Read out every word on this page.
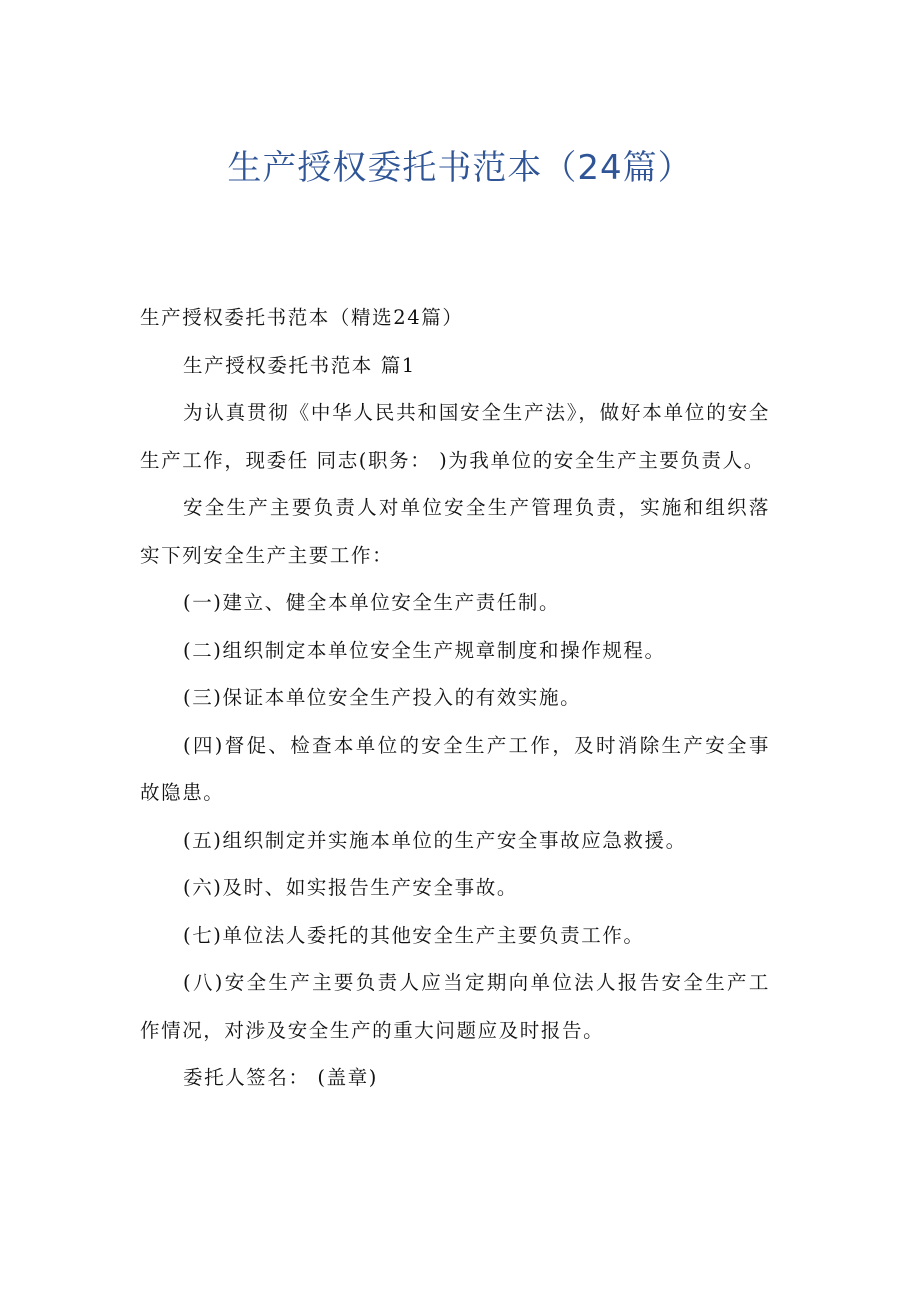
生产授权委托书范本（24篇）

生产授权委托书范本（精选24篇）

生产授权委托书范本 篇1

为认真贯彻《中华人民共和国安全生产法》，做好本单位的安全生产工作，现委任 同志(职务： )为我单位的安全生产主要负责人。

安全生产主要负责人对单位安全生产管理负责，实施和组织落实下列安全生产主要工作：

(一)建立、健全本单位安全生产责任制。

(二)组织制定本单位安全生产规章制度和操作规程。

(三)保证本单位安全生产投入的有效实施。

(四)督促、检查本单位的安全生产工作，及时消除生产安全事故隐患。

(五)组织制定并实施本单位的生产安全事故应急救援。

(六)及时、如实报告生产安全事故。

(七)单位法人委托的其他安全生产主要负责工作。

(八)安全生产主要负责人应当定期向单位法人报告安全生产工作情况，对涉及安全生产的重大问题应及时报告。

委托人签名： (盖章)
